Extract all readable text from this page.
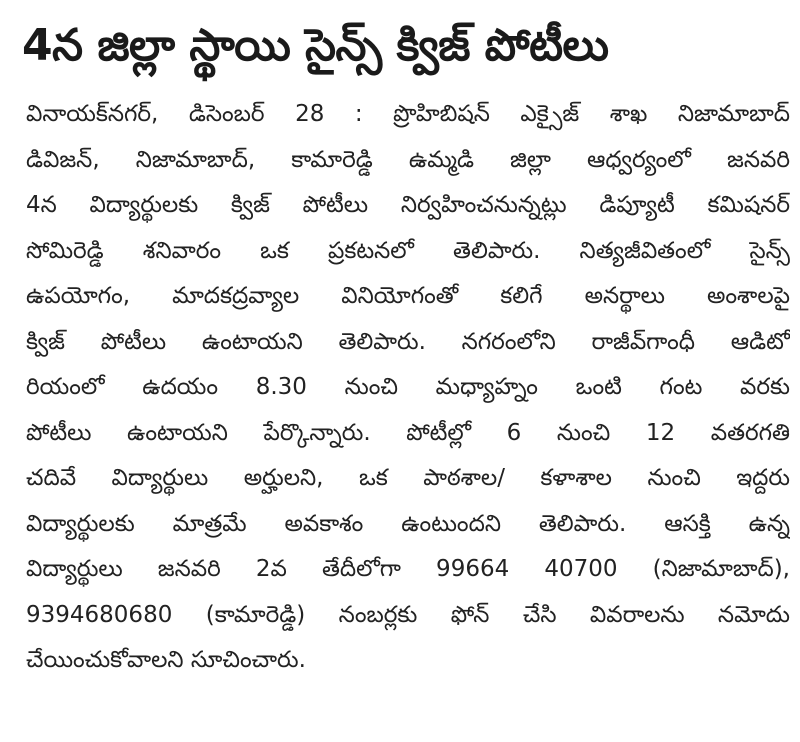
4న జిల్లా స్థాయి సైన్స్ క్విజ్ పోటీలు
వినాయక్‌నగర్, డిసెంబర్ 28 : ప్రొహిబిషన్ ఎక్సైజ్ శాఖ నిజామాబాద్
డివిజన్, నిజామాబాద్, కామారెడ్డి ఉమ్మడి జిల్లా ఆధ్వర్యంలో జనవరి
4న విద్యార్థులకు క్విజ్ పోటీలు నిర్వహించనున్నట్లు డిప్యూటీ కమిషనర్
సోమిరెడ్డి శనివారం ఒక ప్రకటనలో తెలిపారు. నిత్యజీవితంలో సైన్స్
ఉపయోగం, మాదకద్రవ్యాల వినియోగంతో కలిగే అనర్థాలు అంశాలపై
క్విజ్ పోటీలు ఉంటాయని తెలిపారు. నగరంలోని రాజీవ్‌గాంధీ ఆడిటో
రియంలో ఉదయం 8.30 నుంచి మధ్యాహ్నం ఒంటి గంట వరకు
పోటీలు ఉంటాయని పేర్కొన్నారు. పోటీల్లో 6 నుంచి 12 వతరగతి
చదివే విద్యార్థులు అర్హులని, ఒక పాఠశాల/ కళాశాల నుంచి ఇద్దరు
విద్యార్థులకు మాత్రమే అవకాశం ఉంటుందని తెలిపారు. ఆసక్తి ఉన్న
విద్యార్థులు జనవరి 2వ తేదీలోగా 99664 40700 (నిజామాబాద్),
9394680680 (కామారెడ్డి) నంబర్లకు ఫోన్ చేసి వివరాలను నమోదు
చేయించుకోవాలని సూచించారు.
